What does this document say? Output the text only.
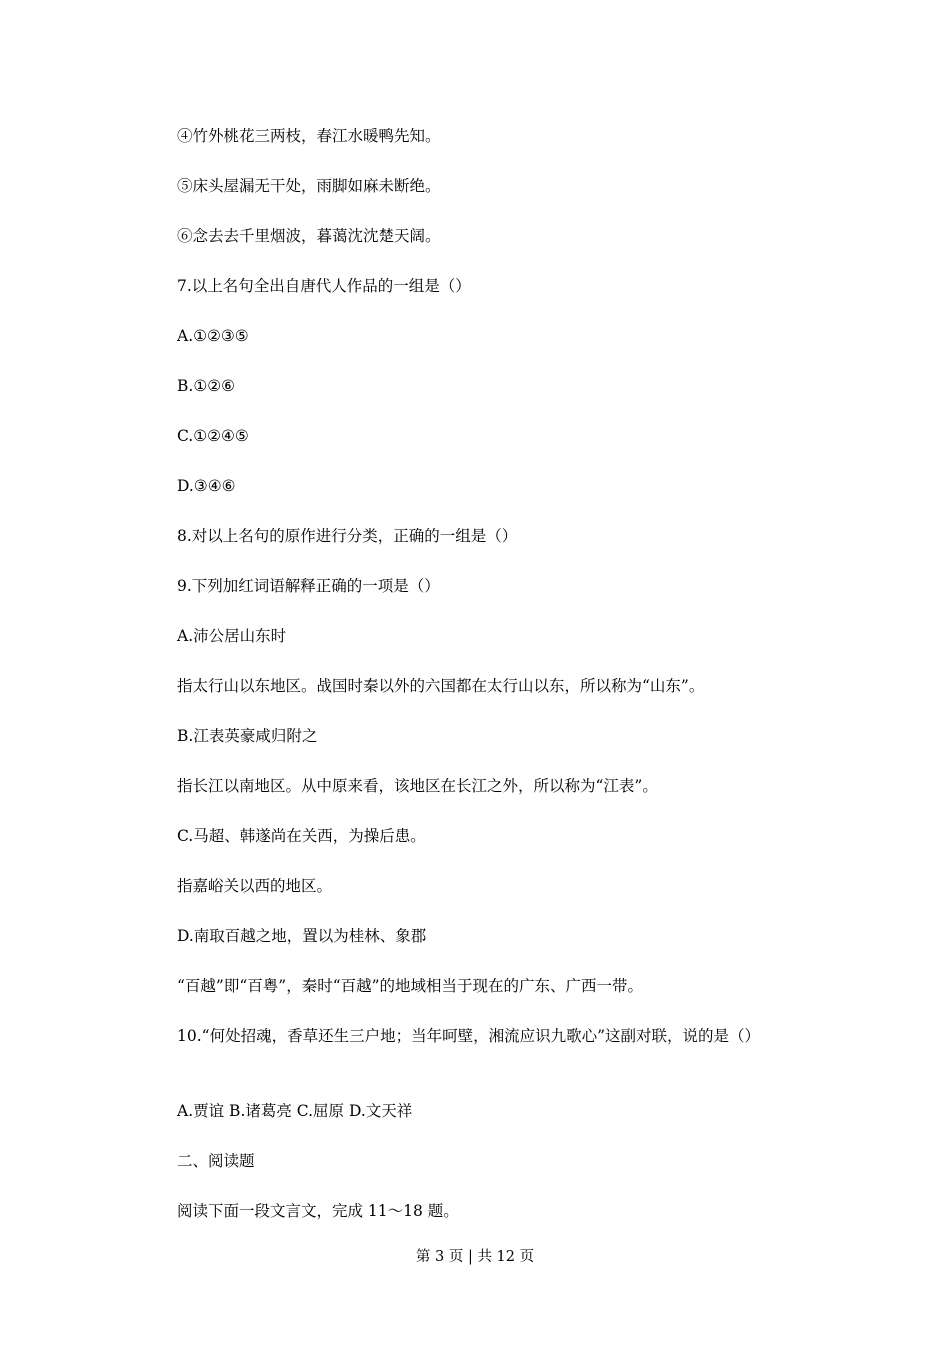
④竹外桃花三两枝，春江水暖鸭先知。
⑤床头屋漏无干处，雨脚如麻未断绝。
⑥念去去千里烟波，暮蔼沈沈楚天阔。
7.以上名句全出自唐代人作品的一组是（）
A.①②③⑤
B.①②⑥
C.①②④⑤
D.③④⑥
8.对以上名句的原作进行分类，正确的一组是（）
9.下列加红词语解释正确的一项是（）
A.沛公居山东时
指太行山以东地区。战国时秦以外的六国都在太行山以东，所以称为“山东”。
B.江表英豪咸归附之
指长江以南地区。从中原来看，该地区在长江之外，所以称为“江表”。
C.马超、韩遂尚在关西，为操后患。
指嘉峪关以西的地区。
D.南取百越之地，置以为桂林、象郡
“百越”即“百粤”，秦时“百越”的地域相当于现在的广东、广西一带。
10.“何处招魂，香草还生三户地；当年呵壁，湘流应识九歌心”这副对联，说的是（）
A.贾谊 B.诸葛亮 C.屈原 D.文天祥
二、阅读题
阅读下面一段文言文，完成 11～18 题。
第 3 页 | 共 12 页
